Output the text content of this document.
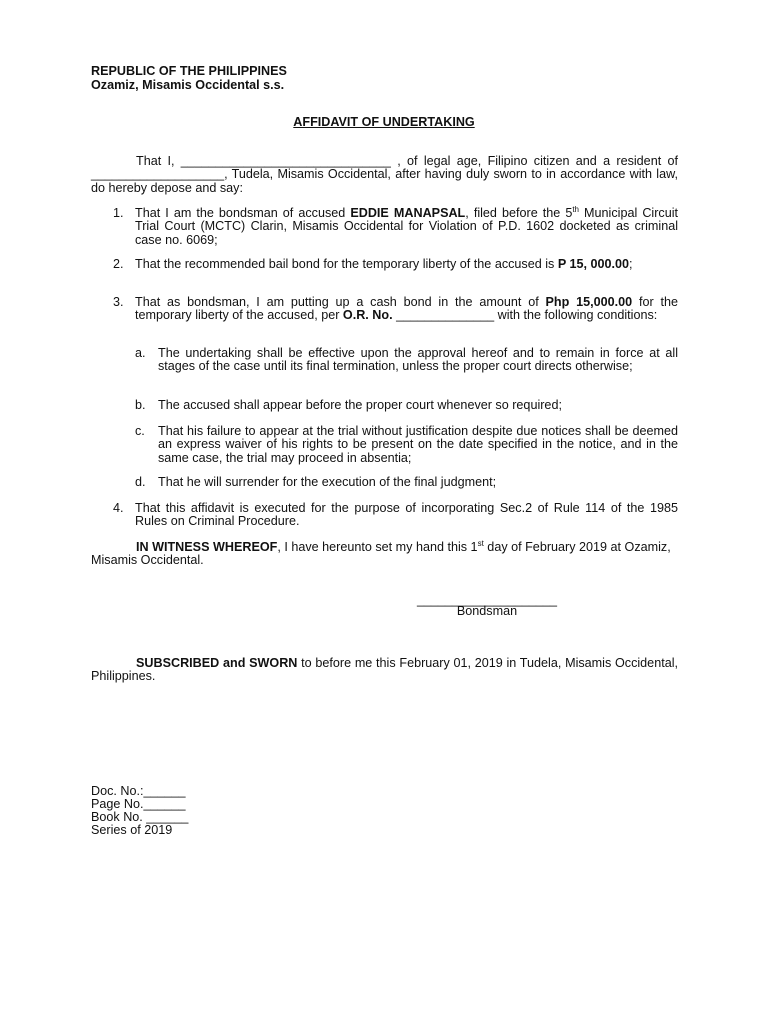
REPUBLIC OF THE PHILIPPINES
Ozamiz, Misamis Occidental s.s.
AFFIDAVIT OF UNDERTAKING
That I, ______________________________ , of legal age, Filipino citizen and a resident of ___________________, Tudela, Misamis Occidental, after having duly sworn to in accordance with law, do hereby depose and say:
1. That I am the bondsman of accused EDDIE MANAPSAL, filed before the 5th Municipal Circuit Trial Court (MCTC) Clarin, Misamis Occidental for Violation of P.D. 1602 docketed as criminal case no. 6069;
2. That the recommended bail bond for the temporary liberty of the accused is P 15, 000.00;
3. That as bondsman, I am putting up a cash bond in the amount of Php 15,000.00 for the temporary liberty of the accused, per O.R. No. ______________ with the following conditions:
a. The undertaking shall be effective upon the approval hereof and to remain in force at all stages of the case until its final termination, unless the proper court directs otherwise;
b. The accused shall appear before the proper court whenever so required;
c.	That his failure to appear at the trial without justification despite due notices shall be deemed an express waiver of his rights to be present on the date specified in the notice, and in the same case, the trial may proceed in absentia;
d. That he will surrender for the execution of the final judgment;
4. That this affidavit is executed for the purpose of incorporating Sec.2 of Rule 114 of the 1985 Rules on Criminal Procedure.
IN WITNESS WHEREOF, I have hereunto set my hand this 1st day of February 2019 at Ozamiz, Misamis Occidental.
____________________
Bondsman
SUBSCRIBED and SWORN to before me this February 01, 2019 in Tudela, Misamis Occidental, Philippines.
Doc. No.:______
Page No.______
Book No. ______
Series of 2019
